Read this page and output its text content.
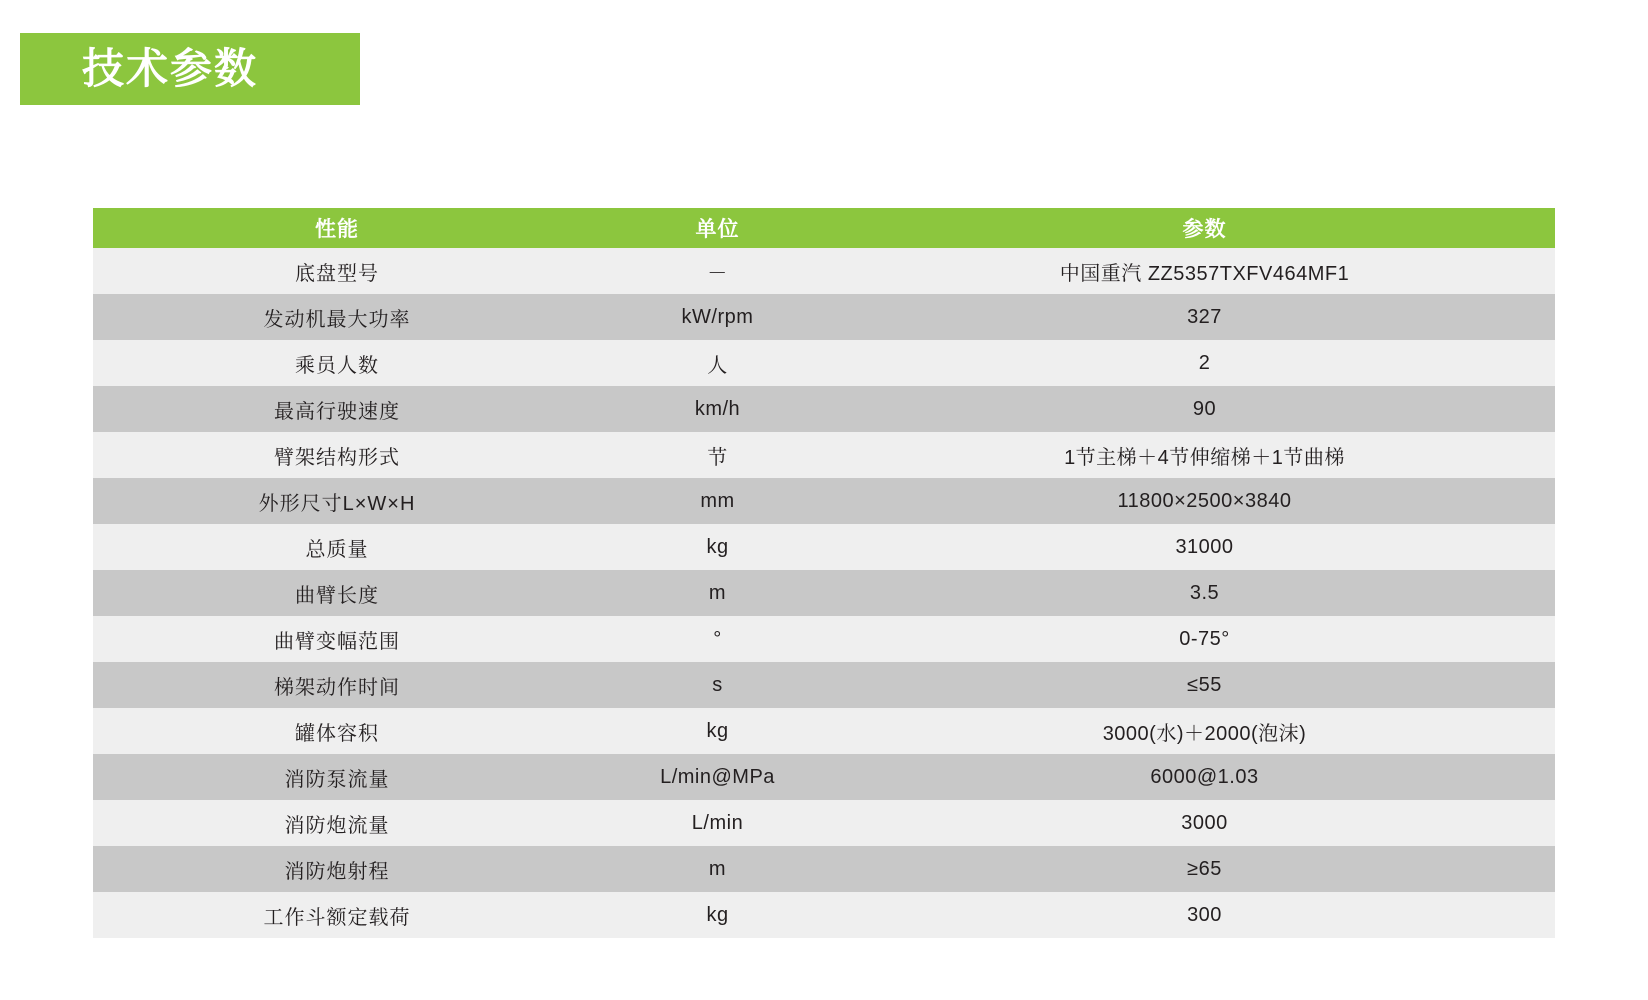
技术参数
性能	单位	参数
底盘型号	－	中国重汽 ZZ5357TXFV464MF1
发动机最大功率	kW/rpm	327
乘员人数	人	2
最高行驶速度	km/h	90
臂架结构形式	节	1节主梯＋4节伸缩梯＋1节曲梯
外形尺寸L×W×H	mm	11800×2500×3840
总质量	kg	31000
曲臂长度	m	3.5
曲臂变幅范围	°	0-75°
梯架动作时间	s	≤55
罐体容积	kg	3000(水)＋2000(泡沫)
消防泵流量	L/min@MPa	6000@1.03
消防炮流量	L/min	3000
消防炮射程	m	≥65
工作斗额定载荷	kg	300
